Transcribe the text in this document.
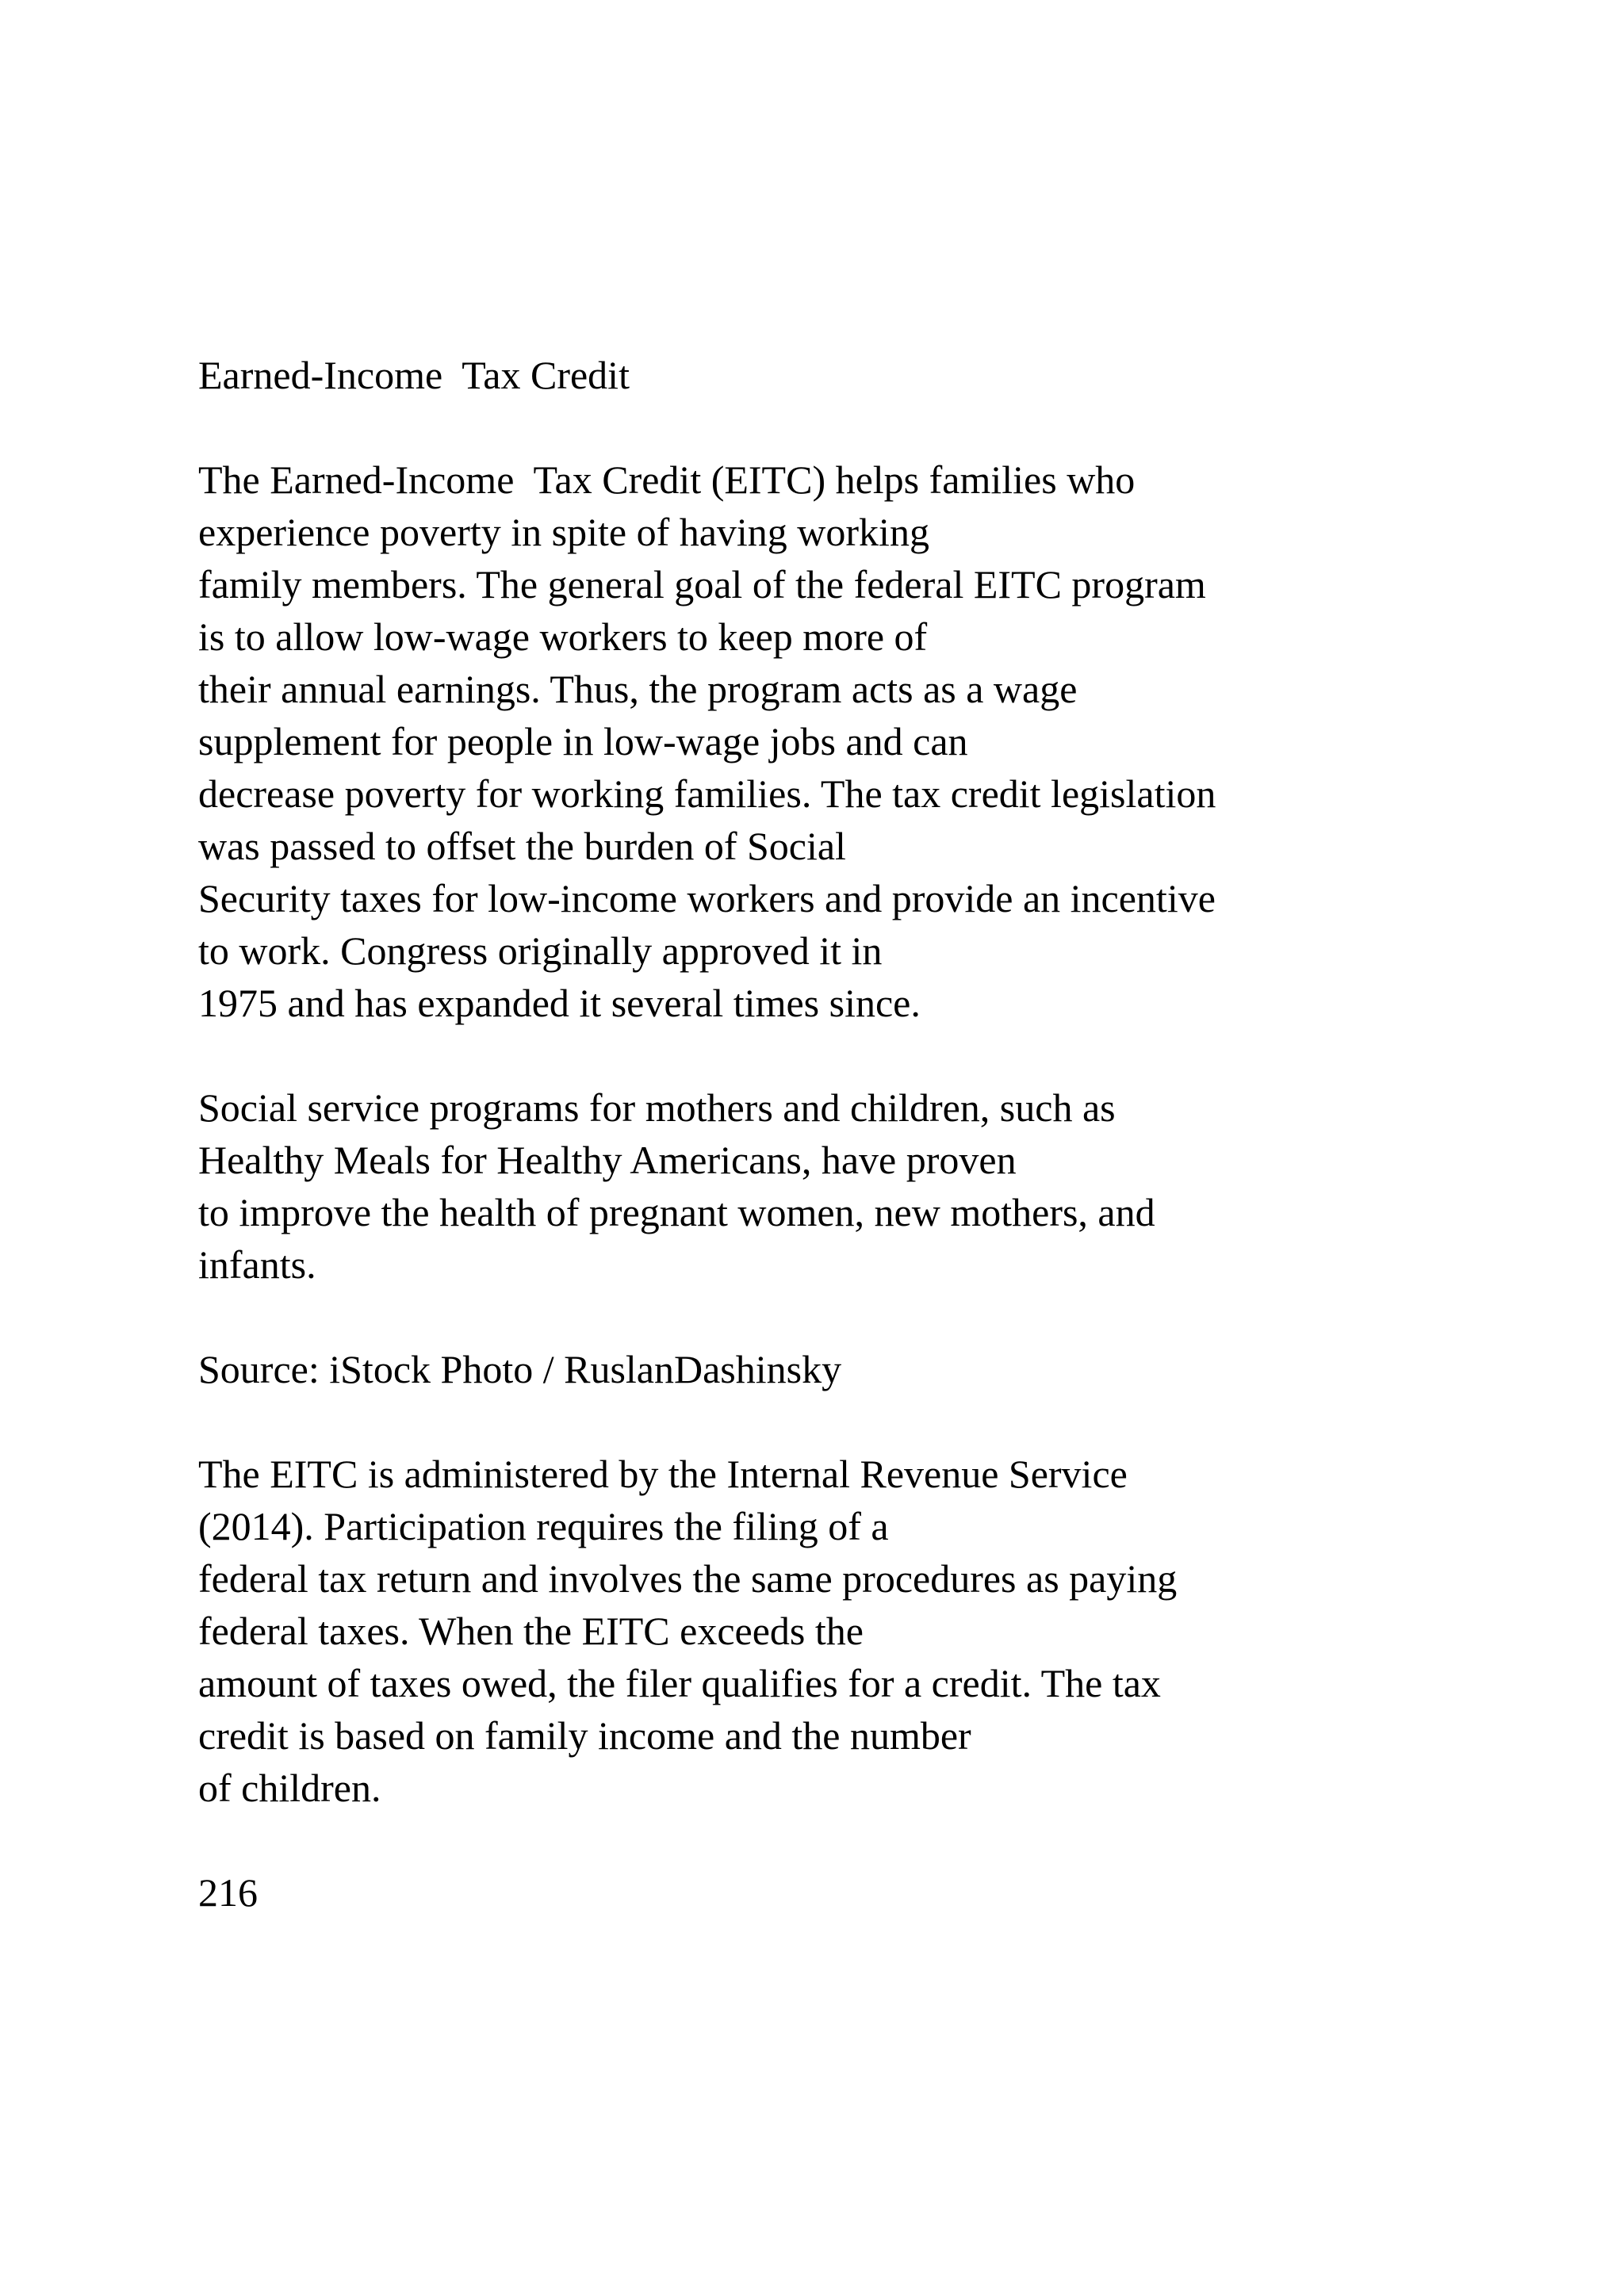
Earned-Income  Tax Credit
The Earned-Income  Tax Credit (EITC) helps families who
experience poverty in spite of having working
family members. The general goal of the federal EITC program
is to allow low-wage workers to keep more of
their annual earnings. Thus, the program acts as a wage
supplement for people in low-wage jobs and can
decrease poverty for working families. The tax credit legislation
was passed to offset the burden of Social
Security taxes for low-income workers and provide an incentive
to work. Congress originally approved it in
1975 and has expanded it several times since.
Social service programs for mothers and children, such as
Healthy Meals for Healthy Americans, have proven
to improve the health of pregnant women, new mothers, and
infants.
Source: iStock Photo / RuslanDashinsky
The EITC is administered by the Internal Revenue Service
(2014). Participation requires the filing of a
federal tax return and involves the same procedures as paying
federal taxes. When the EITC exceeds the
amount of taxes owed, the filer qualifies for a credit. The tax
credit is based on family income and the number
of children.
216
